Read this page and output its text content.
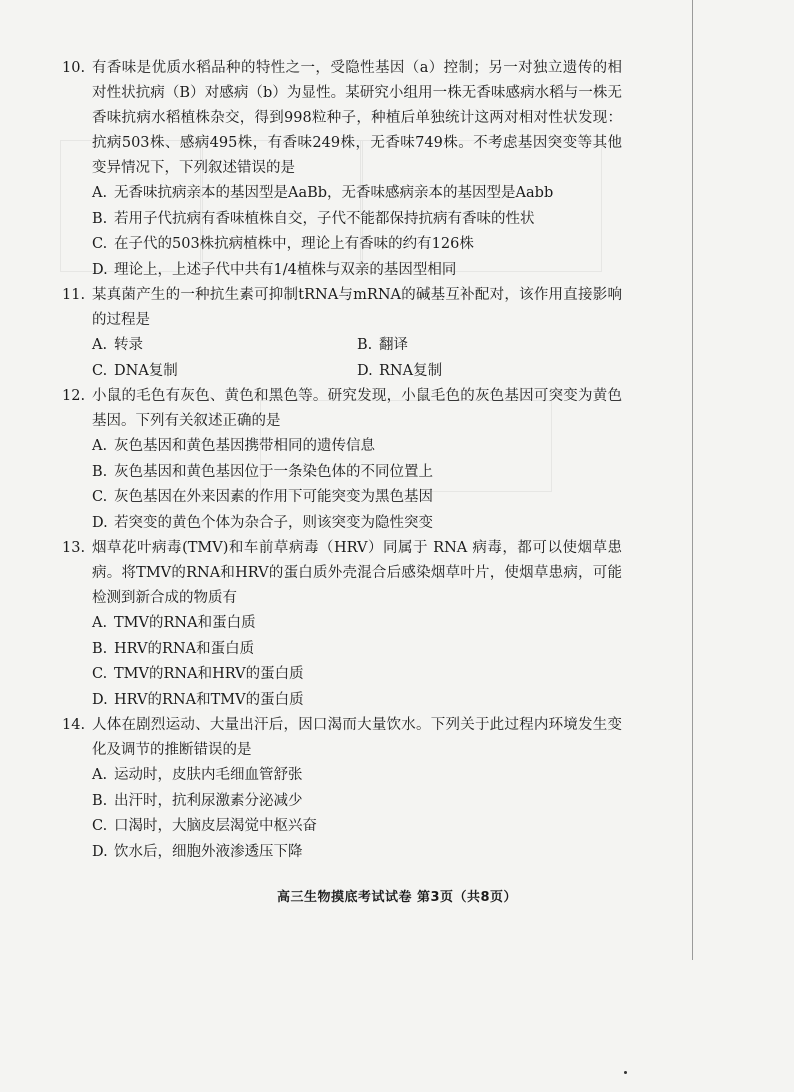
10. 有香味是优质水稻品种的特性之一，受隐性基因（a）控制；另一对独立遗传的相对性状抗病（B）对感病（b）为显性。某研究小组用一株无香味感病水稻与一株无香味抗病水稻植株杂交，得到998粒种子，种植后单独统计这两对相对性状发现：抗病503株、感病495株，有香味249株，无香味749株。不考虑基因突变等其他变异情况下，下列叙述错误的是
A. 无香味抗病亲本的基因型是AaBb，无香味感病亲本的基因型是Aabb
B. 若用子代抗病有香味植株自交，子代不能都保持抗病有香味的性状
C. 在子代的503株抗病植株中，理论上有香味的约有126株
D. 理论上，上述子代中共有1/4植株与双亲的基因型相同
11. 某真菌产生的一种抗生素可抑制tRNA与mRNA的碱基互补配对，该作用直接影响的过程是
A. 转录	B. 翻译
C. DNA复制	D. RNA复制
12. 小鼠的毛色有灰色、黄色和黑色等。研究发现，小鼠毛色的灰色基因可突变为黄色基因。下列有关叙述正确的是
A. 灰色基因和黄色基因携带相同的遗传信息
B. 灰色基因和黄色基因位于一条染色体的不同位置上
C. 灰色基因在外来因素的作用下可能突变为黑色基因
D. 若突变的黄色个体为杂合子，则该突变为隐性突变
13. 烟草花叶病毒(TMV)和车前草病毒（HRV）同属于 RNA 病毒，都可以使烟草患病。将TMV的RNA和HRV的蛋白质外壳混合后感染烟草叶片，使烟草患病，可能检测到新合成的物质有
A. TMV的RNA和蛋白质
B. HRV的RNA和蛋白质
C. TMV的RNA和HRV的蛋白质
D. HRV的RNA和TMV的蛋白质
14. 人体在剧烈运动、大量出汗后，因口渴而大量饮水。下列关于此过程内环境发生变化及调节的推断错误的是
A. 运动时，皮肤内毛细血管舒张
B. 出汗时，抗利尿激素分泌减少
C. 口渴时，大脑皮层渴觉中枢兴奋
D. 饮水后，细胞外液渗透压下降
高三生物摸底考试试卷 第3页（共8页）
